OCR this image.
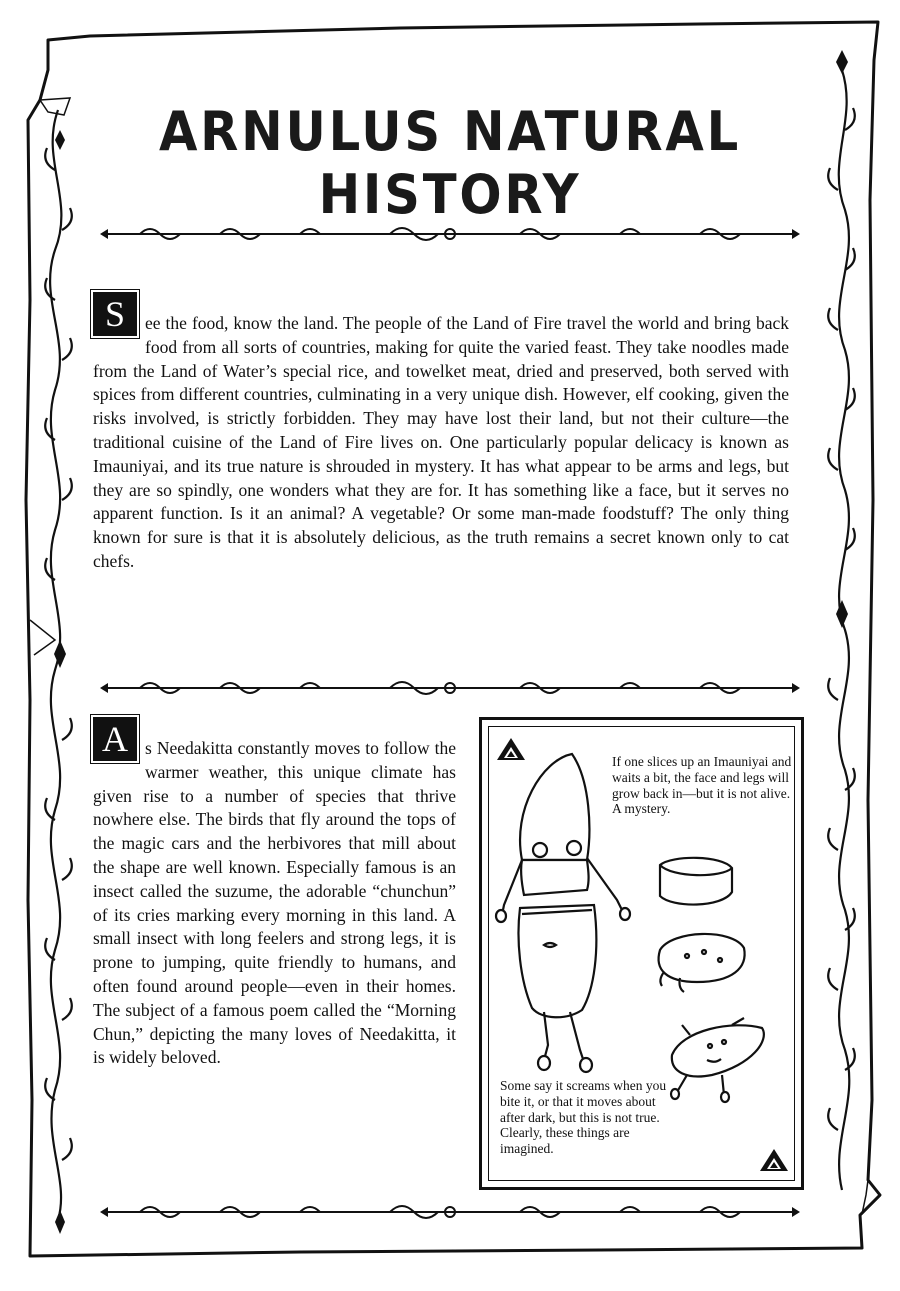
ARNULUS NATURAL HISTORY

S	ee the food, know the land. The people of the Land of Fire travel the world and bring back food from all sorts of countries, making for quite the varied feast. They take noodles made from the Land of Water’s special rice, and towelket meat, dried and preserved, both served with spices from different countries, culminating in a very unique dish. However, elf cooking, given the risks involved, is strictly forbidden. They may have lost their land, but not their culture—the traditional cuisine of the Land of Fire lives on. One particularly popular delicacy is known as Imauniyai, and its true nature is shrouded in mystery. It has what appear to be arms and legs, but they are so spindly, one wonders what they are for. It has something like a face, but it serves no apparent function. Is it an animal? A vegetable? Or some man-made foodstuff? The only thing known for sure is that it is absolutely delicious, as the truth remains a secret known only to cat chefs.

A s Needakitta constantly moves to follow the warmer weather, this unique climate has given rise to a number of species that thrive nowhere else. The birds that fly around the tops of the magic cars and the herbivores that mill about the shape are well known. Especially famous is an insect called the suzume, the adorable “chunchun” of its cries marking every morning in this land. A small insect with long feelers and strong legs, it is prone to jumping, quite friendly to humans, and often found around people—even in their homes. The subject of a famous poem called the “Morning Chun,” depicting the many loves of Needakitta, it is widely beloved.

If one slices up an Imauniyai and waits a bit, the face and legs will grow back in—but it is not alive. A mystery.

Some say it screams when you bite it, or that it moves about after dark, but this is not true. Clearly, these things are imagined.
